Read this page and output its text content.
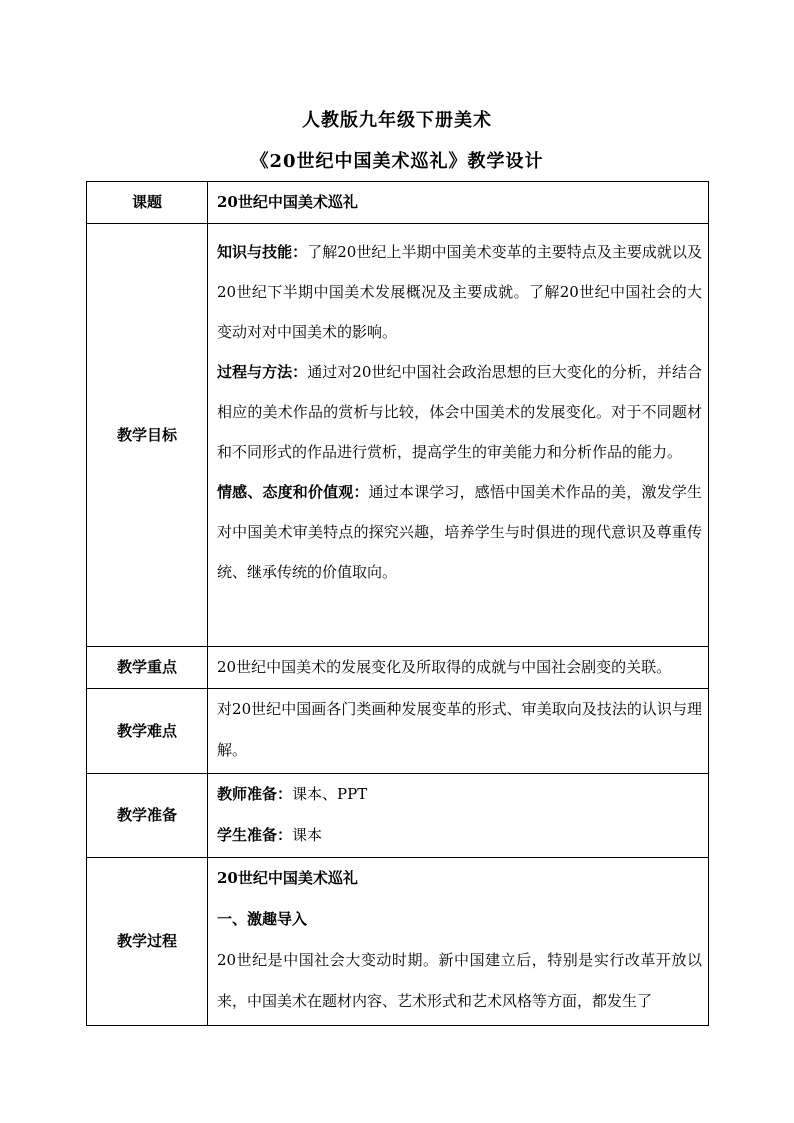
人教版九年级下册美术
《20世纪中国美术巡礼》教学设计
课题	20世纪中国美术巡礼
教学目标	知识与技能：了解20世纪上半期中国美术变革的主要特点及主要成就以及20世纪下半期中国美术发展概况及主要成就。了解20世纪中国社会的大变动对对中国美术的影响。

过程与方法：通过对20世纪中国社会政治思想的巨大变化的分析，并结合相应的美术作品的赏析与比较，体会中国美术的发展变化。对于不同题材和不同形式的作品进行赏析，提高学生的审美能力和分析作品的能力。

情感、态度和价值观：通过本课学习，感悟中国美术作品的美，激发学生对中国美术审美特点的探究兴趣，培养学生与时俱进的现代意识及尊重传统、继承传统的价值取向。

教学重点	20世纪中国美术的发展变化及所取得的成就与中国社会剧变的关联。
教学难点	对20世纪中国画各门类画种发展变革的形式、审美取向及技法的认识与理解。
教学准备	教师准备：课本、PPT

学生准备：课本

教学过程	20世纪中国美术巡礼

一、激趣导入

20世纪是中国社会大变动时期。新中国建立后，特别是实行改革开放以来，中国美术在题材内容、艺术形式和艺术风格等方面，都发生了
